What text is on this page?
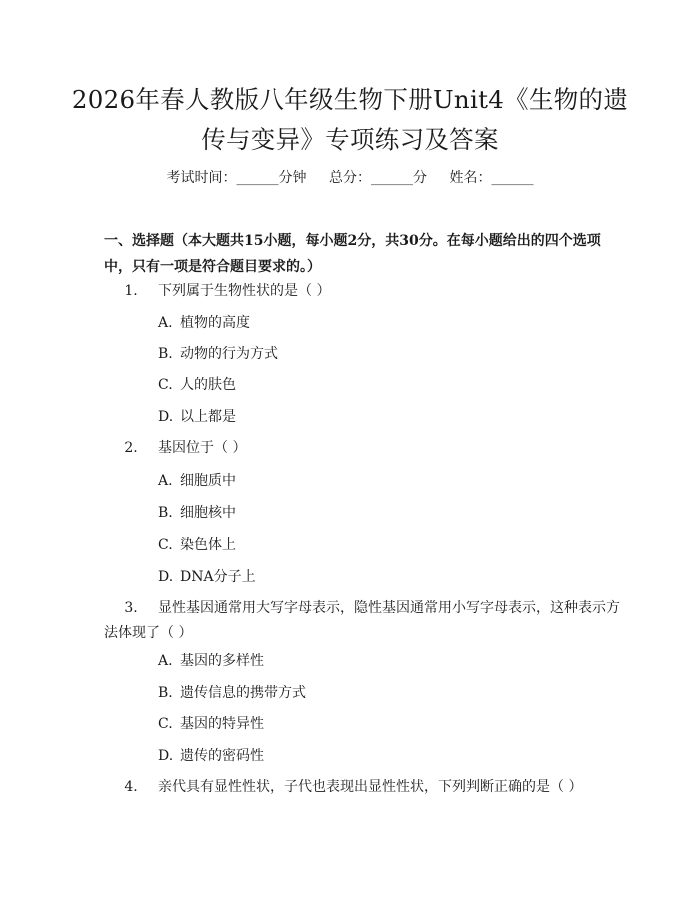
2026年春人教版八年级生物下册Unit4《生物的遗传与变异》专项练习及答案
考试时间：______分钟 总分：______分 姓名：______

一、选择题（本大题共15小题，每小题2分，共30分。在每小题给出的四个选项中，只有一项是符合题目要求的。）

1. 下列属于生物性状的是（ ）
A. 植物的高度
B. 动物的行为方式
C. 人的肤色
D. 以上都是
2. 基因位于（ ）
A. 细胞质中
B. 细胞核中
C. 染色体上
D. DNA分子上
3. 显性基因通常用大写字母表示，隐性基因通常用小写字母表示，这种表示方法体现了（ ）
A. 基因的多样性
B. 遗传信息的携带方式
C. 基因的特异性
D. 遗传的密码性
4. 亲代具有显性性状，子代也表现出显性性状，下列判断正确的是（ ）
